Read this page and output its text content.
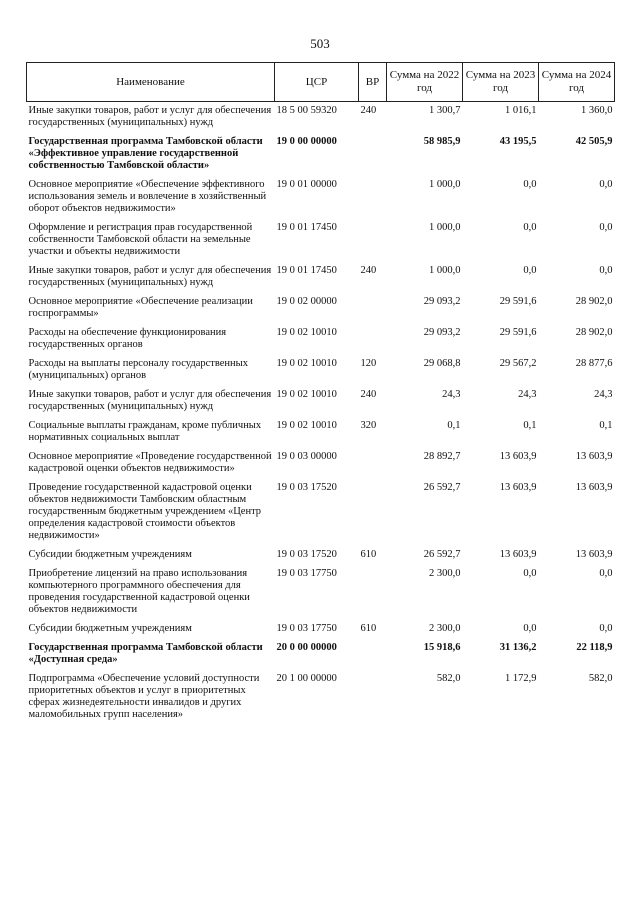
503
Наименование	ЦСР	ВР	Сумма на 2022 год	Сумма на 2023 год	Сумма на 2024 год
Иные закупки товаров, работ и услуг для обеспечения государственных (муниципальных) нужд	18 5 00 59320	240	1 300,7	1 016,1	1 360,0
Государственная программа Тамбовской области «Эффективное управление государственной собственностью Тамбовской области»	19 0 00 00000		58 985,9	43 195,5	42 505,9
Основное мероприятие «Обеспечение эффективного использования земель и вовлечение в хозяйственный оборот объектов недвижимости»	19 0 01 00000		1 000,0	0,0	0,0
Оформление и регистрация прав государственной собственности Тамбовской области на земельные участки и объекты недвижимости	19 0 01 17450		1 000,0	0,0	0,0
Иные закупки товаров, работ и услуг для обеспечения государственных (муниципальных) нужд	19 0 01 17450	240	1 000,0	0,0	0,0
Основное мероприятие «Обеспечение реализации госпрограммы»	19 0 02 00000		29 093,2	29 591,6	28 902,0
Расходы на обеспечение функционирования государственных органов	19 0 02 10010		29 093,2	29 591,6	28 902,0
Расходы на выплаты персоналу государственных (муниципальных) органов	19 0 02 10010	120	29 068,8	29 567,2	28 877,6
Иные закупки товаров, работ и услуг для обеспечения государственных (муниципальных) нужд	19 0 02 10010	240	24,3	24,3	24,3
Социальные выплаты гражданам, кроме публичных нормативных социальных выплат	19 0 02 10010	320	0,1	0,1	0,1
Основное мероприятие «Проведение государственной кадастровой оценки объектов недвижимости»	19 0 03 00000		28 892,7	13 603,9	13 603,9
Проведение государственной кадастровой оценки объектов недвижимости Тамбовским областным государственным бюджетным учреждением «Центр определения кадастровой стоимости объектов недвижимости»	19 0 03 17520		26 592,7	13 603,9	13 603,9
Субсидии бюджетным учреждениям	19 0 03 17520	610	26 592,7	13 603,9	13 603,9
Приобретение лицензий на право использования компьютерного программного обеспечения для проведения государственной кадастровой оценки объектов недвижимости	19 0 03 17750		2 300,0	0,0	0,0
Субсидии бюджетным учреждениям	19 0 03 17750	610	2 300,0	0,0	0,0
Государственная программа Тамбовской области «Доступная среда»	20 0 00 00000		15 918,6	31 136,2	22 118,9
Подпрограмма «Обеспечение условий доступности приоритетных объектов и услуг в приоритетных сферах жизнедеятельности инвалидов и других маломобильных групп населения»	20 1 00 00000		582,0	1 172,9	582,0
